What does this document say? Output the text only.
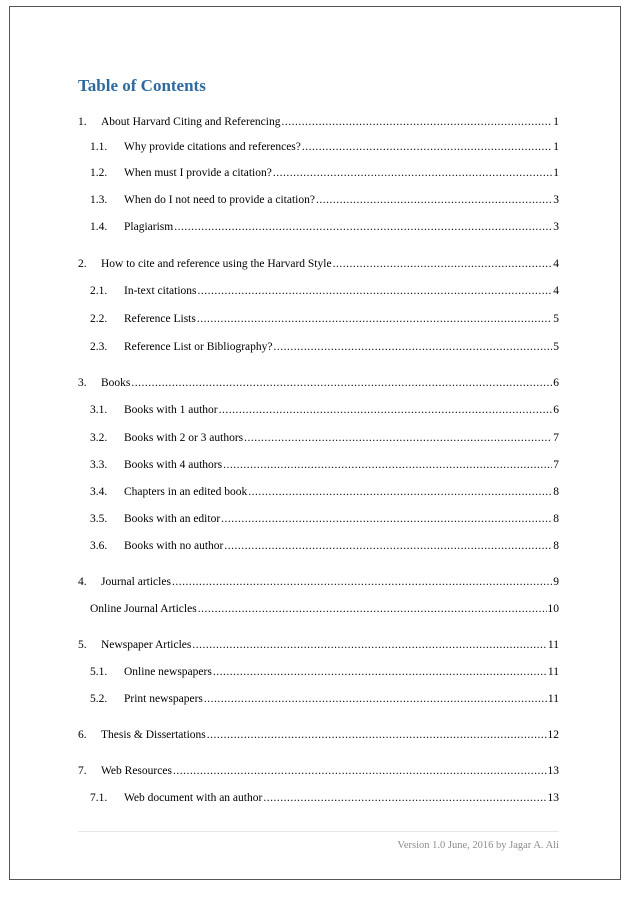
Table of Contents
1.	About Harvard Citing and Referencing .....	1
1.1.	Why provide citations and references? .....	1
1.2.	When must I provide a citation? .....	1
1.3.	When do I not need to provide a citation? .....	3
1.4.	Plagiarism .....	3
2.	How to cite and reference using the Harvard Style .....	4
2.1.	In-text citations .....	4
2.2.	Reference Lists .....	5
2.3.	Reference List or Bibliography? .....	5
3.	Books .....	6
3.1.	Books with 1 author .....	6
3.2.	Books with 2 or 3 authors .....	7
3.3.	Books with 4 authors .....	7
3.4.	Chapters in an edited book .....	8
3.5.	Books with an editor .....	8
3.6.	Books with no author .....	8
4.	Journal articles .....	9
Online Journal Articles .....	10
5.	Newspaper Articles .....	11
5.1.	Online newspapers .....	11
5.2.	Print newspapers .....	11
6.	Thesis & Dissertations .....	12
7.	Web Resources .....	13
7.1.	Web document with an author .....	13
Version 1.0 June, 2016 by Jagar A. Ali
